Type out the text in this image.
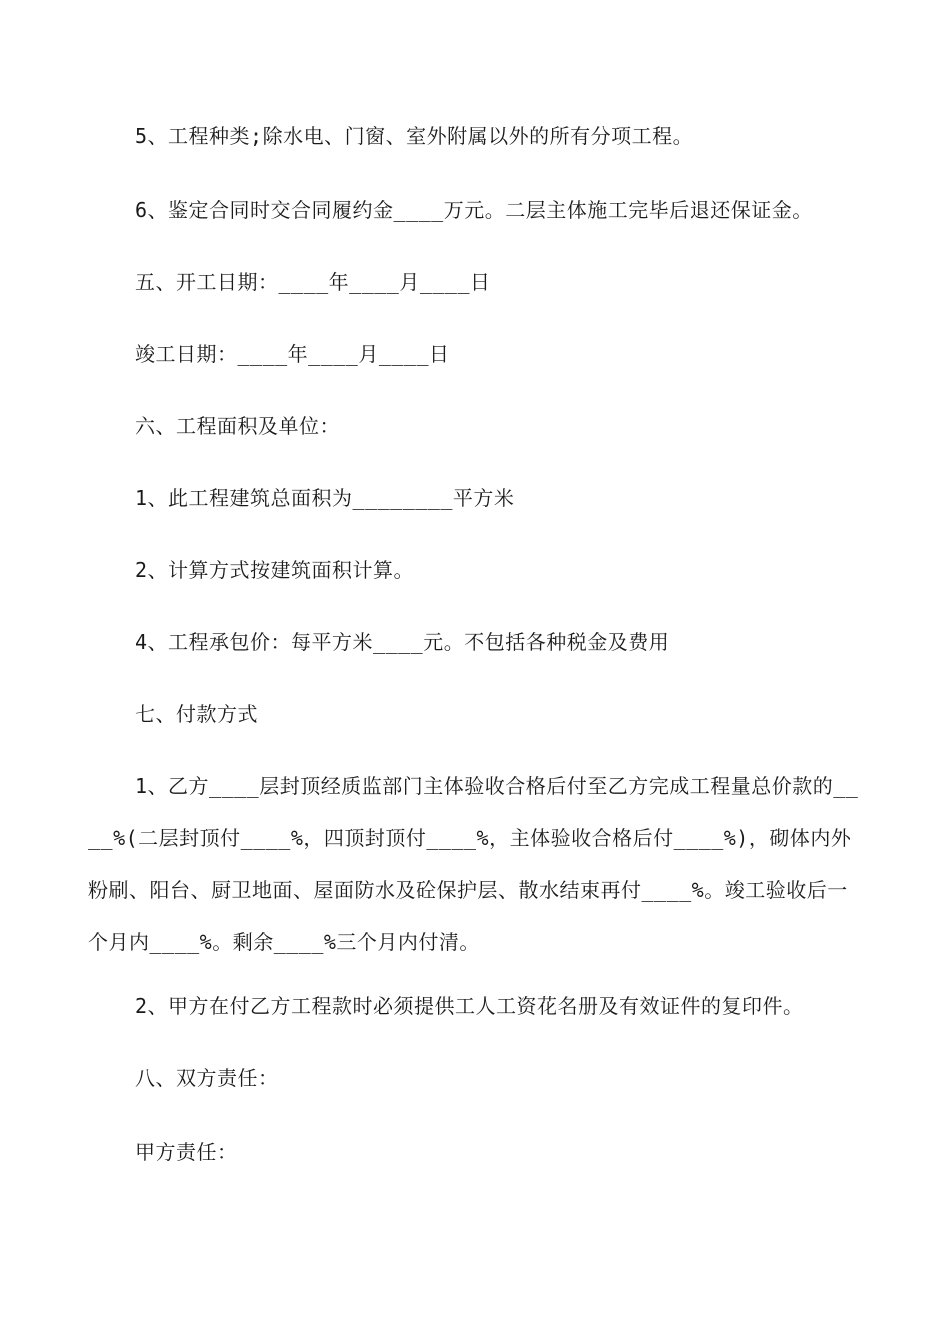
5、工程种类;除水电、门窗、室外附属以外的所有分项工程。
6、鉴定合同时交合同履约金____万元。二层主体施工完毕后退还保证金。
五、开工日期：____年____月____日
竣工日期：____年____月____日
六、工程面积及单位：
1、此工程建筑总面积为________平方米
2、计算方式按建筑面积计算。
4、工程承包价：每平方米____元。不包括各种税金及费用
七、付款方式
1、乙方____层封顶经质监部门主体验收合格后付至乙方完成工程量总价款的____%(二层封顶付____%，四顶封顶付____%，主体验收合格后付____%)，砌体内外粉刷、阳台、厨卫地面、屋面防水及砼保护层、散水结束再付____%。竣工验收后一个月内____%。剩余____%三个月内付清。
2、甲方在付乙方工程款时必须提供工人工资花名册及有效证件的复印件。
八、双方责任：
甲方责任：
